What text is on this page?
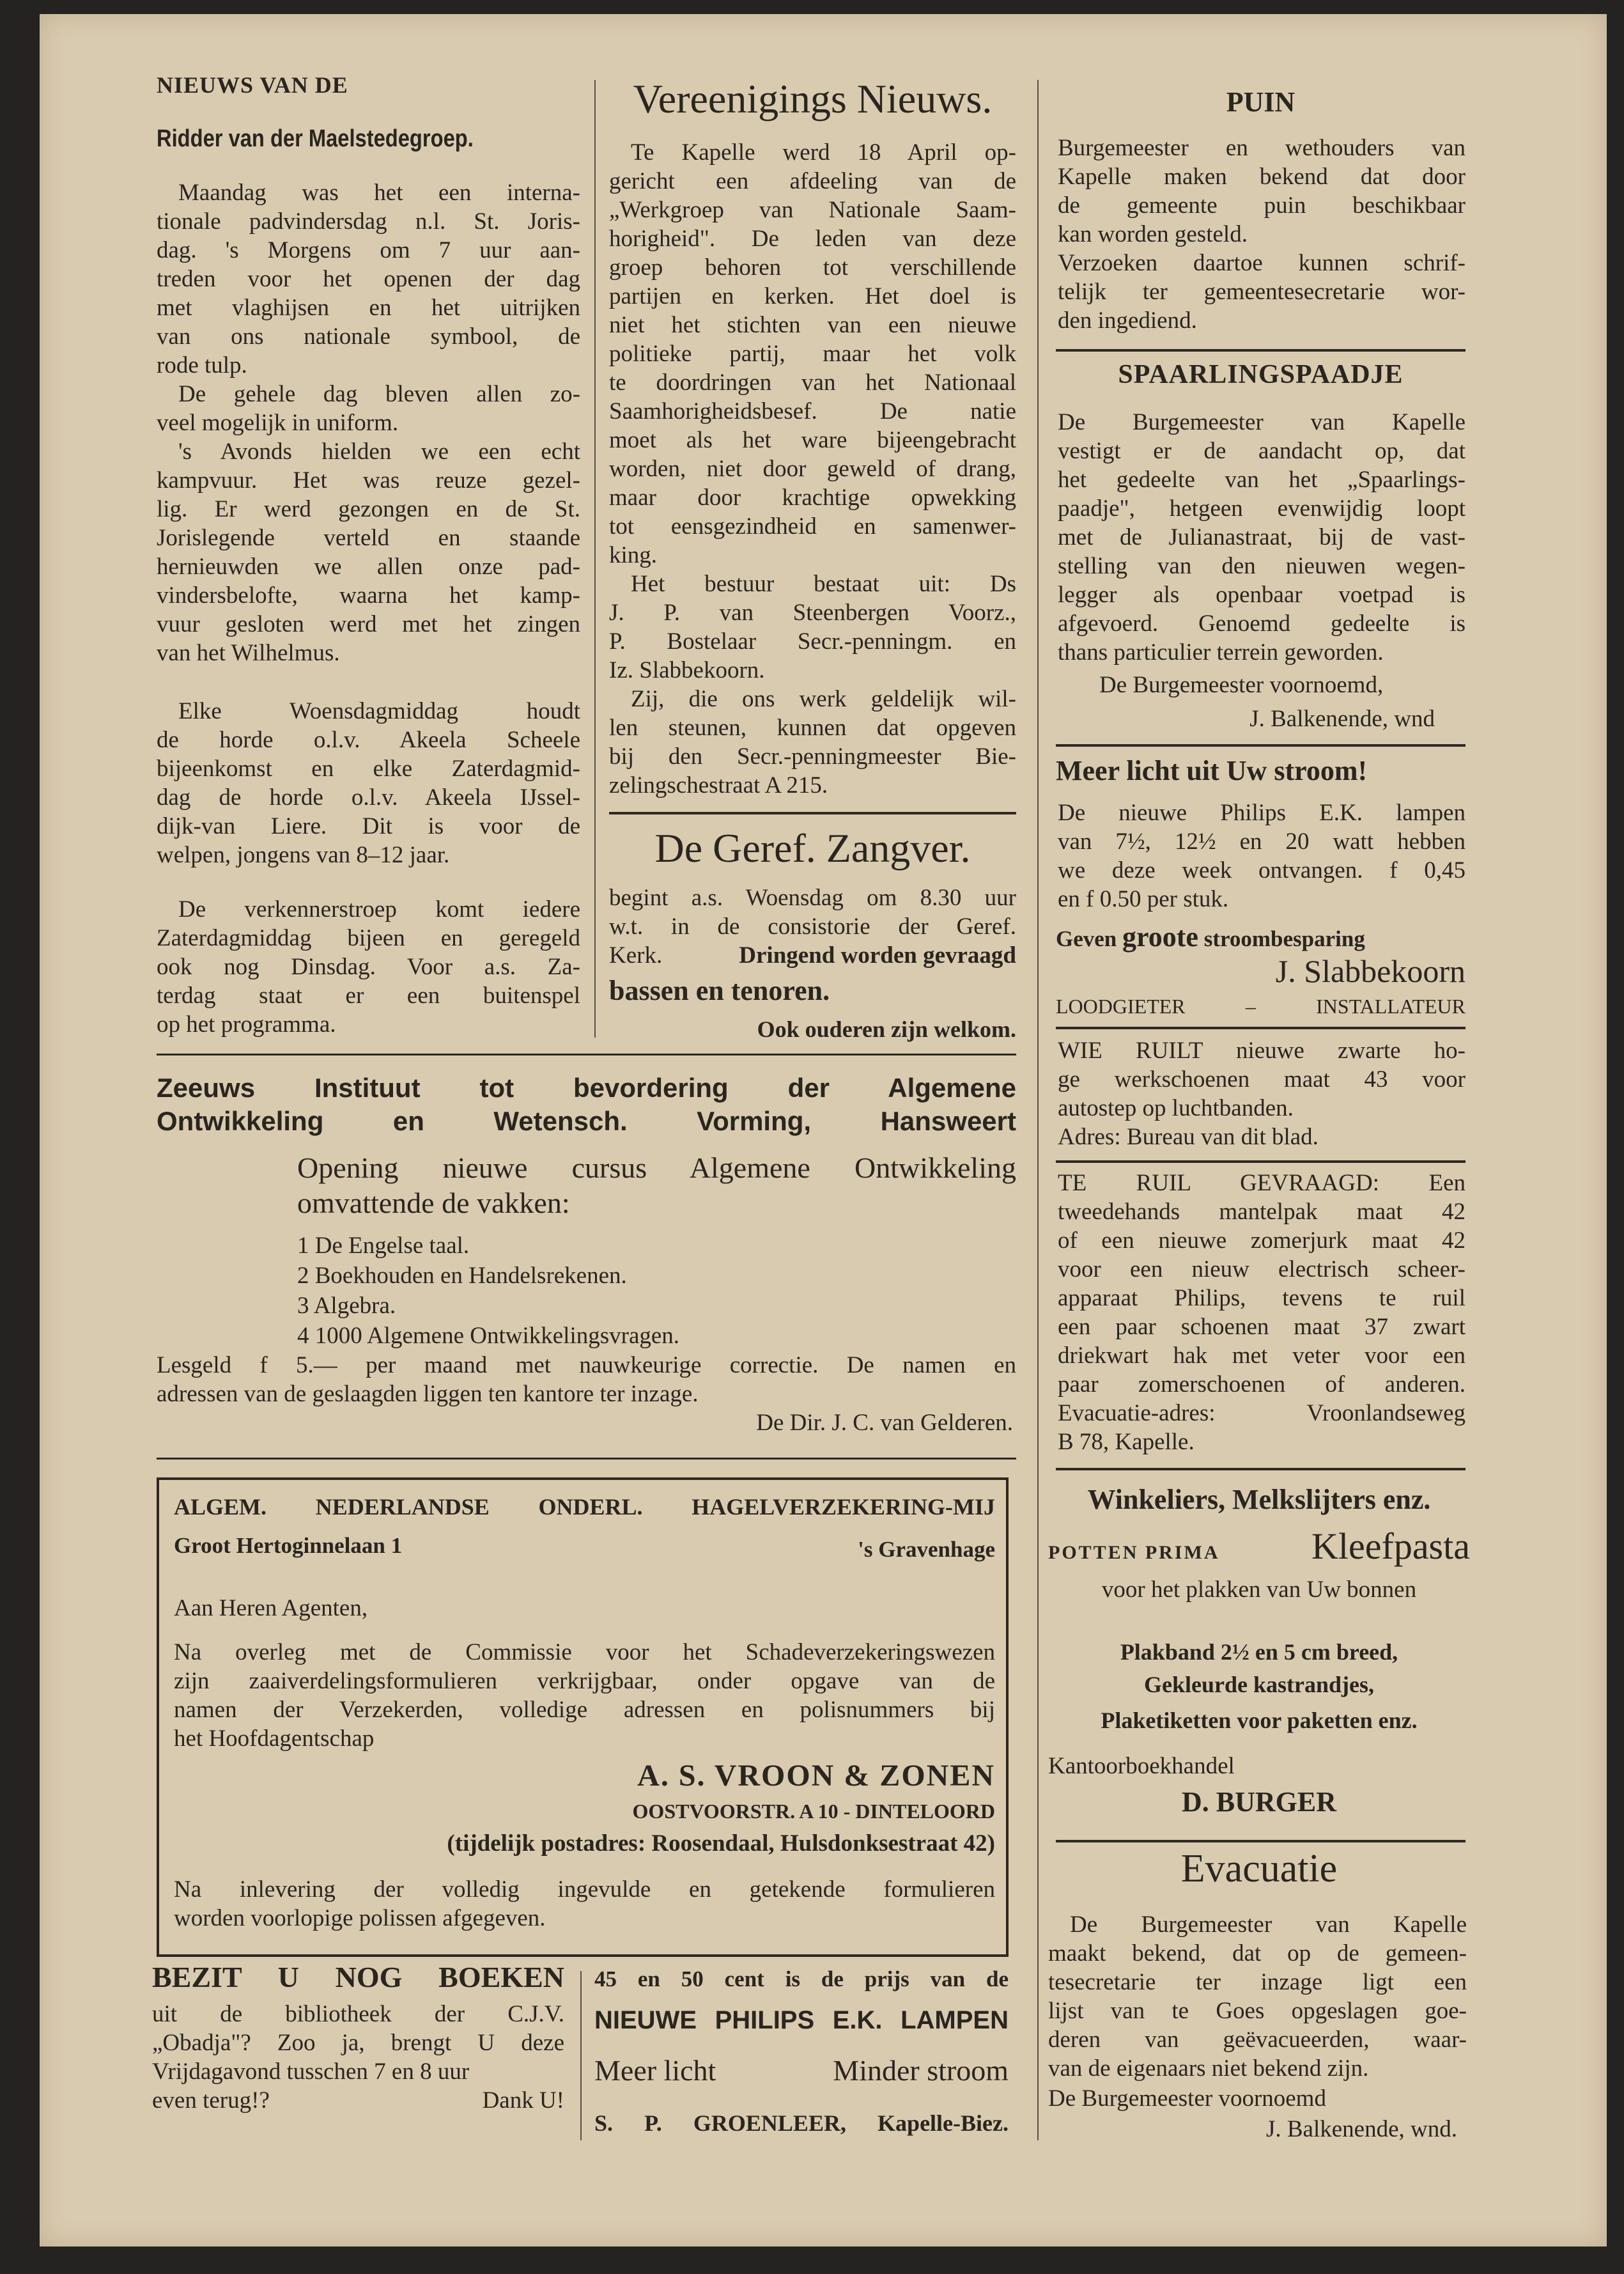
NIEUWS VAN DE
Ridder van der Maelstedegroep.
Maandag was het een interna-
tionale padvindersdag n.l. St. Joris-
dag. 's Morgens om 7 uur aan-
treden voor het openen der dag
met vlaghijsen en het uitrijken
van ons nationale symbool, de
rode tulp.
De gehele dag bleven allen zo-
veel mogelijk in uniform.
's Avonds hielden we een echt
kampvuur. Het was reuze gezel-
lig. Er werd gezongen en de St.
Jorislegende verteld en staande
hernieuwden we allen onze pad-
vindersbelofte, waarna het kamp-
vuur gesloten werd met het zingen
van het Wilhelmus.
Elke Woensdagmiddag houdt
de horde o.l.v. Akeela Scheele
bijeenkomst en elke Zaterdagmid-
dag de horde o.l.v. Akeela IJssel-
dijk-van Liere. Dit is voor de
welpen, jongens van 8–12 jaar.
De verkennerstroep komt iedere
Zaterdagmiddag bijeen en geregeld
ook nog Dinsdag. Voor a.s. Za-
terdag staat er een buitenspel
op het programma.
Vereenigings Nieuws.
Te Kapelle werd 18 April op-
gericht een afdeeling van de
„Werkgroep van Nationale Saam-
horigheid". De leden van deze
groep behoren tot verschillende
partijen en kerken. Het doel is
niet het stichten van een nieuwe
politieke partij, maar het volk
te doordringen van het Nationaal
Saamhorigheidsbesef. De natie
moet als het ware bijeengebracht
worden, niet door geweld of drang,
maar door krachtige opwekking
tot eensgezindheid en samenwer-
king.
Het bestuur bestaat uit: Ds
J. P. van Steenbergen Voorz.,
P. Bostelaar Secr.-penningm. en
Iz. Slabbekoorn.
Zij, die ons werk geldelijk wil-
len steunen, kunnen dat opgeven
bij den Secr.-penningmeester Bie-
zelingschestraat A 215.
De Geref. Zangver.
begint a.s. Woensdag om 8.30 uur
w.t. in de consistorie der Geref.
Kerk.	Dringend worden gevraagd
bassen en tenoren.
Ook ouderen zijn welkom.
PUIN
Burgemeester en wethouders van
Kapelle maken bekend dat door
de gemeente puin beschikbaar
kan worden gesteld.
Verzoeken daartoe kunnen schrif-
telijk ter gemeentesecretarie wor-
den ingediend.
SPAARLINGSPAADJE
De Burgemeester van Kapelle
vestigt er de aandacht op, dat
het gedeelte van het „Spaarlings-
paadje", hetgeen evenwijdig loopt
met de Julianastraat, bij de vast-
stelling van den nieuwen wegen-
legger als openbaar voetpad is
afgevoerd. Genoemd gedeelte is
thans particulier terrein geworden.
De Burgemeester voornoemd,
J. Balkenende, wnd
Meer licht uit Uw stroom!
De nieuwe Philips E.K. lampen
van 7½, 12½ en 20 watt hebben
we deze week ontvangen. f 0,45
en f 0.50 per stuk.
Geven groote stroombesparing
J. Slabbekoorn
LOODGIETER	–	INSTALLATEUR
WIE RUILT nieuwe zwarte ho-
ge werkschoenen maat 43 voor
autostep op luchtbanden.
Adres: Bureau van dit blad.
TE RUIL GEVRAAGD: Een
tweedehands mantelpak maat 42
of een nieuwe zomerjurk maat 42
voor een nieuw electrisch scheer-
apparaat Philips, tevens te ruil
een paar schoenen maat 37 zwart
driekwart hak met veter voor een
paar zomerschoenen of anderen.
Evacuatie-adres: Vroonlandseweg
B 78, Kapelle.
Winkeliers, Melkslijters enz.
POTTEN PRIMA Kleefpasta
voor het plakken van Uw bonnen
Plakband 2½ en 5 cm breed,
Gekleurde kastrandjes,
Plaketiketten voor paketten enz.
Kantoorboekhandel
D. BURGER
Evacuatie
De Burgemeester van Kapelle
maakt bekend, dat op de gemeen-
tesecretarie ter inzage ligt een
lijst van te Goes opgeslagen goe-
deren van geëvacueerden, waar-
van de eigenaars niet bekend zijn.
De Burgemeester voornoemd
J. Balkenende, wnd.
Zeeuws Instituut tot bevordering der Algemene
Ontwikkeling en Wetensch. Vorming, Hansweert
Opening nieuwe cursus Algemene Ontwikkeling
omvattende de vakken:
1 De Engelse taal.
2 Boekhouden en Handelsrekenen.
3 Algebra.
4 1000 Algemene Ontwikkelingsvragen.
Lesgeld f 5.— per maand met nauwkeurige correctie. De namen en
adressen van de geslaagden liggen ten kantore ter inzage.
De Dir. J. C. van Gelderen.
ALGEM. NEDERLANDSE ONDERL. HAGELVERZEKERING-MIJ
Groot Hertoginnelaan 1	's Gravenhage
Aan Heren Agenten,
Na overleg met de Commissie voor het Schadeverzekeringswezen
zijn zaaiverdelingsformulieren verkrijgbaar, onder opgave van de
namen der Verzekerden, volledige adressen en polisnummers bij
het Hoofdagentschap
A. S. VROON & ZONEN
OOSTVOORSTR. A 10 - DINTELOORD
(tijdelijk postadres: Roosendaal, Hulsdonksestraat 42)
Na inlevering der volledig ingevulde en getekende formulieren
worden voorlopige polissen afgegeven.
BEZIT U NOG BOEKEN
uit de bibliotheek der C.J.V.
„Obadja"? Zoo ja, brengt U deze
Vrijdagavond tusschen 7 en 8 uur
even terug!?	Dank U!
45 en 50 cent is de prijs van de
NIEUWE PHILIPS E.K. LAMPEN
Meer licht	Minder stroom
S. P. GROENLEER, Kapelle-Biez.
